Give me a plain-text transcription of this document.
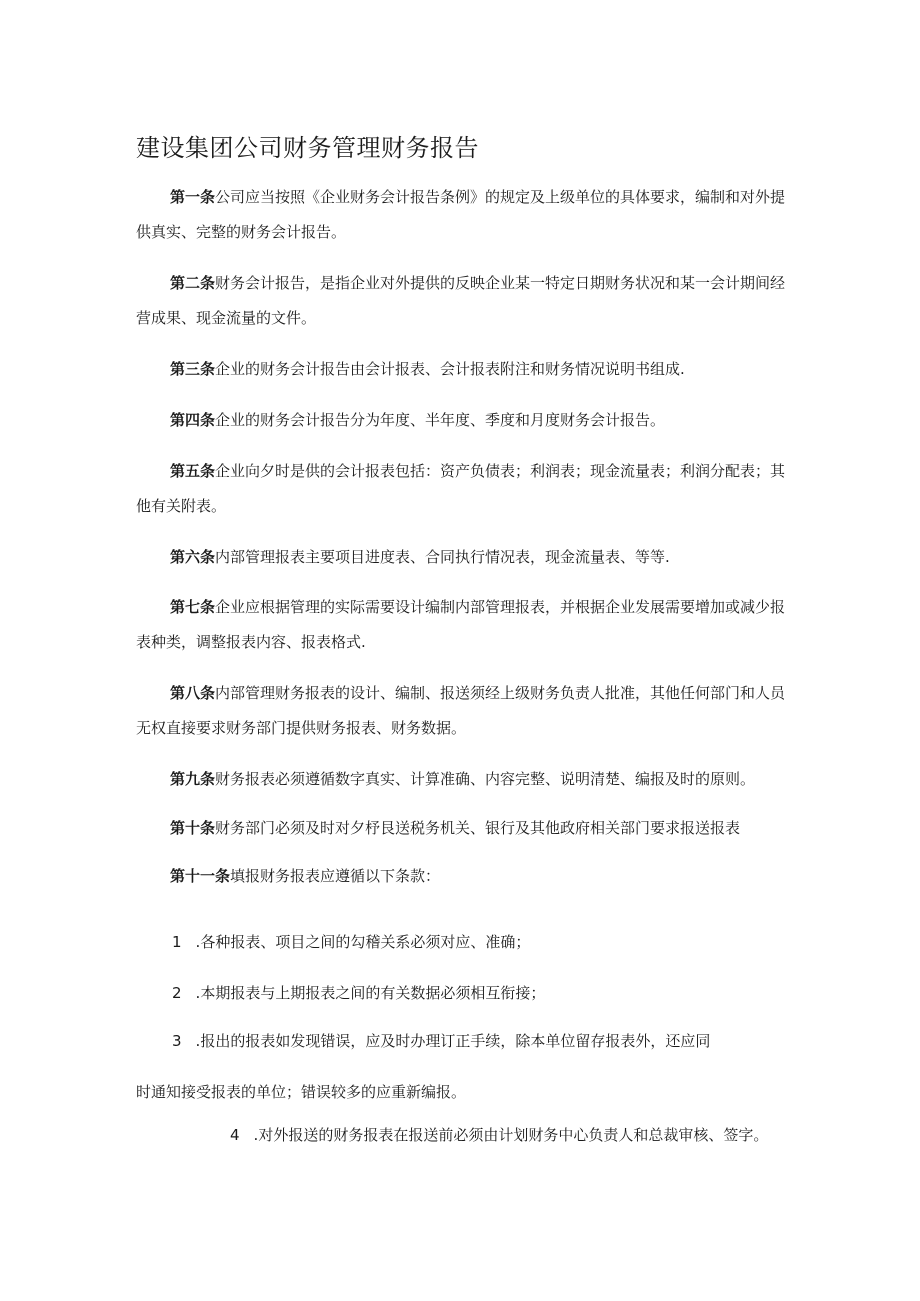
建设集团公司财务管理财务报告

第一条公司应当按照《企业财务会计报告条例》的规定及上级单位的具体要求，编制和对外提供真实、完整的财务会计报告。

第二条财务会计报告，是指企业对外提供的反映企业某一特定日期财务状况和某一会计期间经营成果、现金流量的文件。

第三条企业的财务会计报告由会计报表、会计报表附注和财务情况说明书组成.

第四条企业的财务会计报告分为年度、半年度、季度和月度财务会计报告。

第五条企业向夕时是供的会计报表包括：资产负债表；利润表；现金流量表；利润分配表；其他有关附表。

第六条内部管理报表主要项目进度表、合同执行情况表，现金流量表、等等.

第七条企业应根据管理的实际需要设计编制内部管理报表，并根据企业发展需要增加或减少报表种类，调整报表内容、报表格式.

第八条内部管理财务报表的设计、编制、报送须经上级财务负责人批准，其他任何部门和人员无权直接要求财务部门提供财务报表、财务数据。

第九条财务报表必须遵循数字真实、计算准确、内容完整、说明清楚、编报及时的原则。

第十条财务部门必须及时对夕杼艮送税务机关、银行及其他政府相关部门要求报送报表

第十一条填报财务报表应遵循以下条款：

1 .各种报表、项目之间的勾稽关系必须对应、准确；

2 .本期报表与上期报表之间的有关数据必须相互衔接；

3 .报出的报表如发现错误，应及时办理订正手续，除本单位留存报表外，还应同

时通知接受报表的单位；错误较多的应重新编报。

4 .对外报送的财务报表在报送前必须由计划财务中心负责人和总裁审核、签字。
